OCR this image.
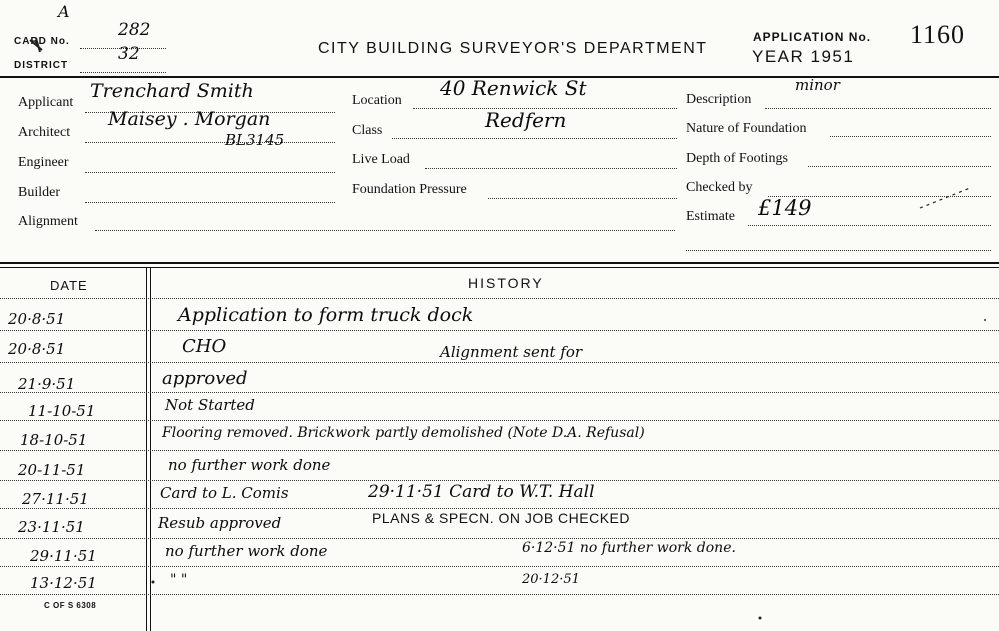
A
CARD No.
282
DISTRICT
32	CITY BUILDING SURVEYOR'S DEPARTMENT
APPLICATION No. 1160
YEAR 1951
Applicant
Trenchard Smith
Architect
Maisey . Morgan
BL3145
Engineer
Builder
Alignment
Location
40 Renwick St
Class	Redfern
Live Load
Foundation Pressure
Description
minor
Nature of Foundation
Depth of Footings
Checked by
Estimate £149
DATE	HISTORY
20·8·51	Application to form truck dock
20·8·51	CHO	Alignment sent for
21·9·51	approved
11-10-51	Not Started
18-10-51	Flooring removed. Brickwork partly demolished (Note D.A. Refusal)
20-11-51	no further work done
27·11·51	Card to L. Comis	29·11·51 Card to W.T. Hall
23·11·51	Resub approved	PLANS & SPECN. ON JOB CHECKED
29·11·51	no further work done	6·12·51 no further work done.
13·12·51	" "	20·12·51
C OF S 6308
